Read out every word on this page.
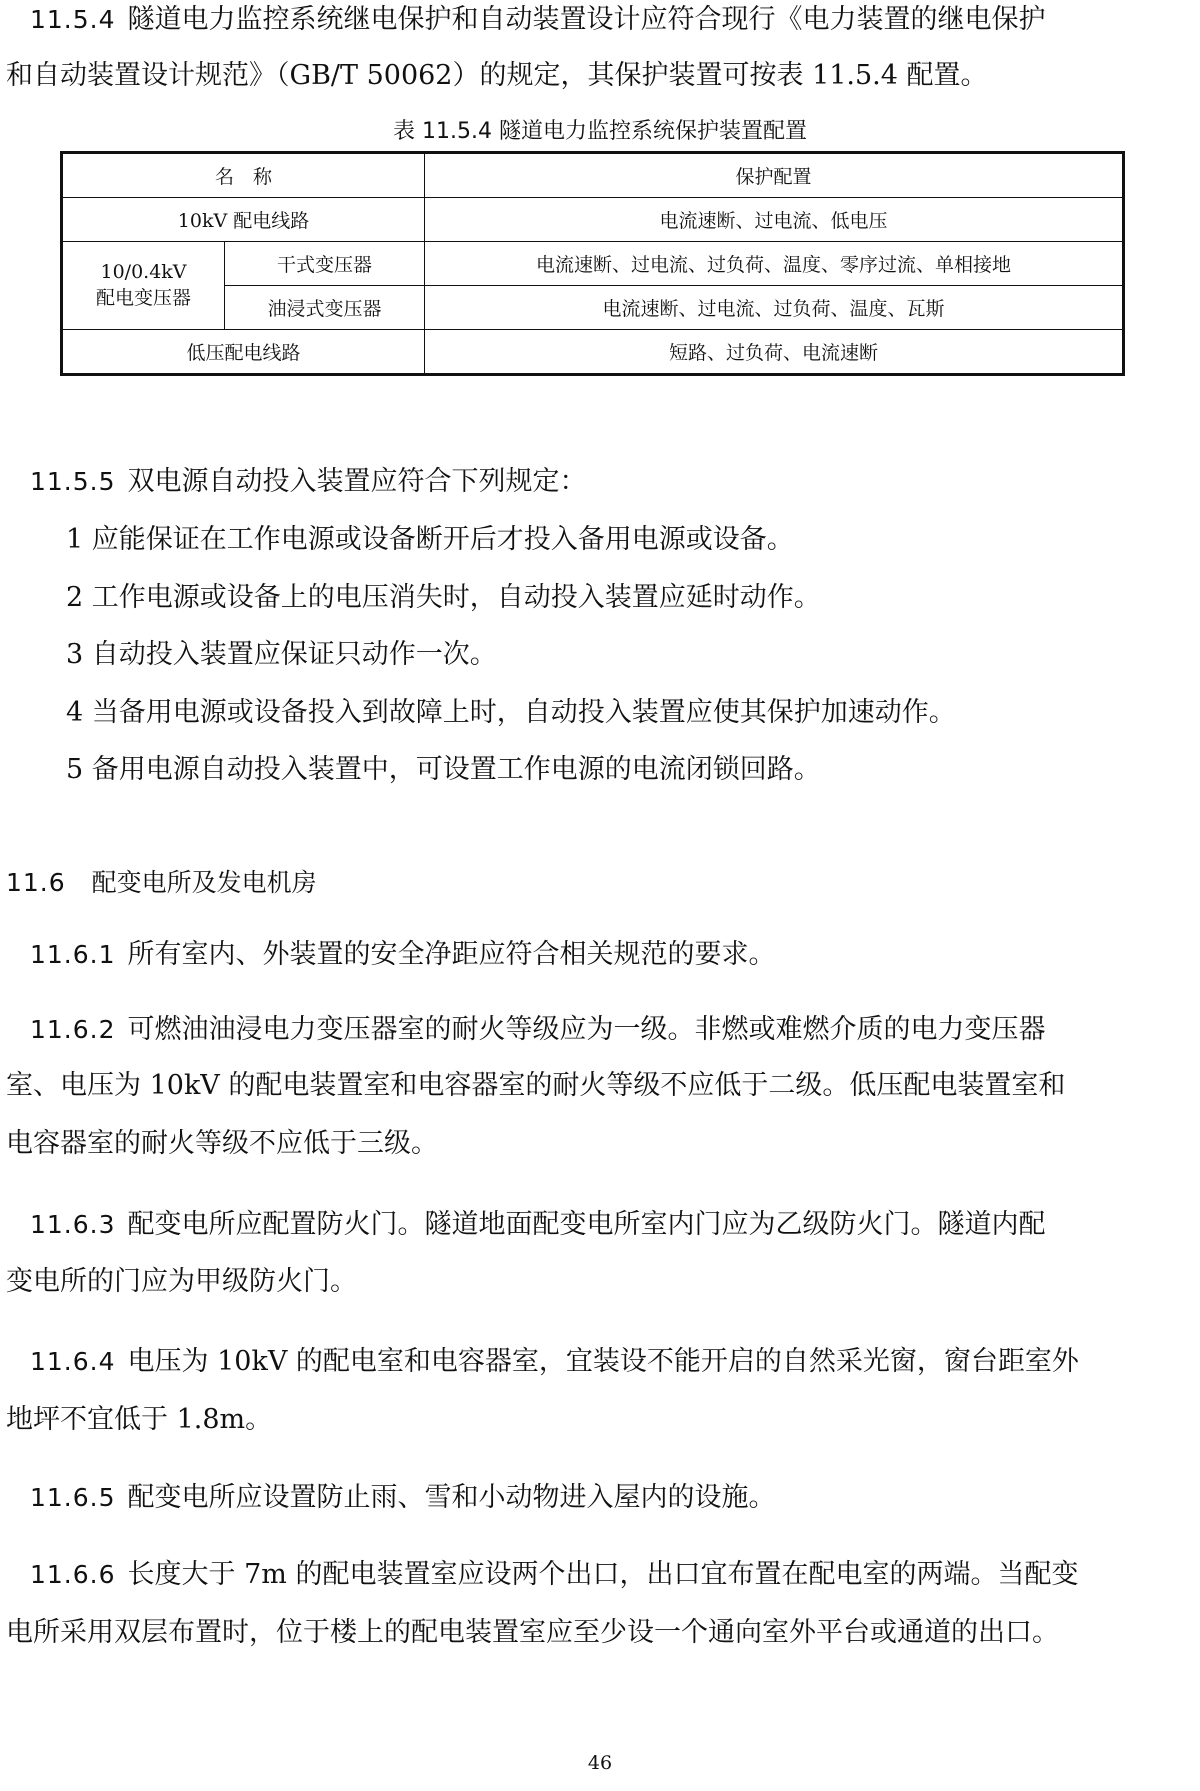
11.5.4 隧道电力监控系统继电保护和自动装置设计应符合现行《电力装置的继电保护
和自动装置设计规范》（GB/T 50062）的规定，其保护装置可按表 11.5.4 配置。
表 11.5.4 隧道电力监控系统保护装置配置
名　称		保护配置
10kV 配电线路		电流速断、过电流、低电压

10/0.4kV
配电变压器	干式变压器	电流速断、过电流、过负荷、温度、零序过流、单相接地
	油浸式变压器	电流速断、过电流、过负荷、温度、瓦斯
低压配电线路		短路、过负荷、电流速断
11.5.5 双电源自动投入装置应符合下列规定：
1 应能保证在工作电源或设备断开后才投入备用电源或设备。
2 工作电源或设备上的电压消失时，自动投入装置应延时动作。
3 自动投入装置应保证只动作一次。
4 当备用电源或设备投入到故障上时，自动投入装置应使其保护加速动作。
5 备用电源自动投入装置中，可设置工作电源的电流闭锁回路。
11.6 配变电所及发电机房
11.6.1 所有室内、外装置的安全净距应符合相关规范的要求。
11.6.2 可燃油油浸电力变压器室的耐火等级应为一级。非燃或难燃介质的电力变压器
室、电压为 10kV 的配电装置室和电容器室的耐火等级不应低于二级。低压配电装置室和
电容器室的耐火等级不应低于三级。
11.6.3 配变电所应配置防火门。隧道地面配变电所室内门应为乙级防火门。隧道内配
变电所的门应为甲级防火门。
11.6.4 电压为 10kV 的配电室和电容器室，宜装设不能开启的自然采光窗，窗台距室外
地坪不宜低于 1.8m。
11.6.5 配变电所应设置防止雨、雪和小动物进入屋内的设施。
11.6.6 长度大于 7m 的配电装置室应设两个出口，出口宜布置在配电室的两端。当配变
电所采用双层布置时，位于楼上的配电装置室应至少设一个通向室外平台或通道的出口。
46
